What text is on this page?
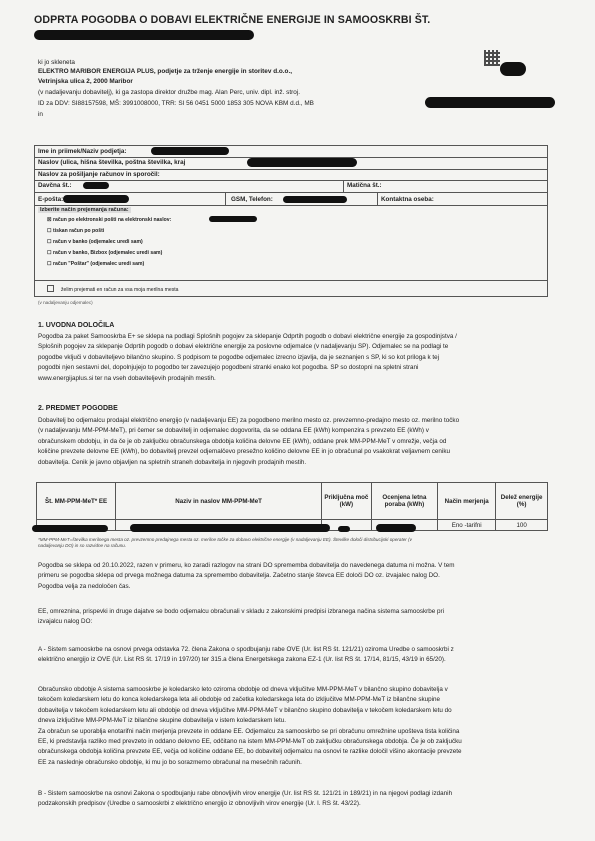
ODPRTA POGODBA O DOBAVI ELEKTRIČNE ENERGIJE IN SAMOOSKRBI ŠT.
ki jo skleneta
ELEKTRO MARIBOR ENERGIJA PLUS, podjetje za trženje energije in storitev d.o.o.,
Vetrinjska ulica 2, 2000 Maribor
(v nadaljevanju dobavitelj), ki ga zastopa direktor družbe mag. Alan Perc, univ. dipl. inž. stroj.
ID za DDV: SI88157598, MŠ: 3991008000, TRR: SI 56 0451 5000 1853 305 NOVA KBM d.d., MB
in
Ime in priimek/Naziv podjetja:
Naslov (ulica, hišna številka, poštna številka, kraj
Naslov za pošiljanje računov in sporočil:
Davčna št.:	Matična št.:
E-pošta:	GSM, Telefon:	Kontaktna oseba:
Izberite način prejemanja računa:
☒ račun po elektronski pošti na elektronski naslov:
☐ tiskan račun po pošti
☐ račun v banko (odjemalec uredi sam)
☐ račun v banko, Bizbox (odjemalec uredi sam)
☐ račun "Poštar" (odjemalec uredi sam)
želim prejemati en račun za vsa moja merilna mesta
(v nadaljevanju odjemalec)
1. UVODNA DOLOČILA
Pogodba za paket Samooskrba E+ se sklepa na podlagi Splošnih pogojev za sklepanje Odprtih pogodb o dobavi električne energije za gospodinjstva /
Splošnih pogojev za sklepanje Odprtih pogodb o dobavi električne energije za poslovne odjemalce (v nadaljevanju SP). Odjemalec se na podlagi te
pogodbe vključi v dobaviteljevo bilančno skupino. S podpisom te pogodbe odjemalec izrecno izjavlja, da je seznanjen s SP, ki so kot priloga k tej
pogodbi njen sestavni del, dopolnjujejo to pogodbo ter zavezujejo pogodbeni stranki enako kot pogodba. SP so dostopni na spletni strani
www.energijaplus.si ter na vseh dobaviteljevih prodajnih mestih.
2. PREDMET POGODBE
Dobavitelj bo odjemalcu prodajal električno energijo (v nadaljevanju EE) za pogodbeno merilno mesto oz. prevzemno-predajno mesto oz. merilno točko
(v nadaljevanju MM-PPM-MeT), pri čemer se dobavitelj in odjemalec dogovorita, da se oddana EE (kWh) kompenzira s prevzeto EE (kWh) v
obračunskem obdobju, in da če je ob zaključku obračunskega obdobja količina delovne EE (kWh), oddane prek MM-PPM-MeT v omrežje, večja od
količine prevzete delovne EE (kWh), bo dobavitelj prevzel odjemalčevo presežno količino delovne EE in jo obračunal po vsakokrat veljavnem ceniku
dobavitelja. Cenik je javno objavljen na spletnih straneh dobavitelja in njegovih prodajnih mestih.
Št. MM-PPM-MeT* EE	Naziv in naslov MM-PPM-MeT	Priključna moč (kW)	Ocenjena letna poraba (kWh)	Način merjenja	Delež energije (%)
				Eno -tarifni	100
*MM-PPM-MeT=številka merilnega mesta oz. prevzemno predajnega mesta oz. merilne točke za dobavo električne energije (v nadaljevanju EE). Številke določi distribucijski operater (v
nadaljevanju DO) in so razvidne na računu.
Pogodba se sklepa od 20.10.2022, razen v primeru, ko zaradi razlogov na strani DO sprememba dobavitelja do navedenega datuma ni možna. V tem
primeru se pogodba sklepa od prvega možnega datuma za spremembo dobavitelja. Začetno stanje števca EE določi DO oz. izvajalec nalog DO.
Pogodba velja za nedoločen čas.
EE, omreznina, prispevki in druge dajatve se bodo odjemalcu obračunali v skladu z zakonskimi predpisi izbranega načina sistema samooskrbe pri
izvajalcu nalog DO:
A - Sistem samooskrbe na osnovi prvega odstavka 72. člena Zakona o spodbujanju rabe OVE (Ur. list RS št. 121/21) oziroma Uredbe o samooskrbi z
električno energijo iz OVE (Ur. List RS št. 17/19 in 197/20) ter 315.a člena Energetskega zakona EZ-1 (Ur. list RS št. 17/14, 81/15, 43/19 in 65/20).
Obračunsko obdobje A sistema samooskrbe je koledarsko leto oziroma obdobje od dneva vključitve MM-PPM-MeT v bilančno skupino dobavitelja v
tekočem koledarskem letu do konca koledarskega leta ali obdobje od začetka koledarskega leta do izključitve MM-PPM-MeT iz bilančne skupine
dobavitelja v tekočem koledarskem letu ali obdobje od dneva vključitve MM-PPM-MeT v bilančno skupino dobavitelja v tekočem koledarskem letu do
dneva izključitve MM-PPM-MeT iz bilančne skupine dobavitelja v istem koledarskem letu.
Za obračun se uporablja enotarifni način merjenja prevzete in oddane EE. Odjemalcu za samooskrbo se pri obračunu omrežnine upošteva tista količina
EE, ki predstavlja razliko med prevzeto in oddano delovno EE, odčitano na istem MM-PPM-MeT ob zaključku obračunskega obdobja. Če je ob zaključku
obračunskega obdobja količina prevzete EE, večja od količine oddane EE, bo dobavitelj odjemalcu na osnovi te razlike določil višino akontacije prevzete
EE za naslednje obračunsko obdobje, ki mu jo bo sorazmerno obračunal na mesečnih računih.
B - Sistem samooskrbe na osnovi Zakona o spodbujanju rabe obnovljivih virov energije (Ur. list RS št. 121/21 in 189/21) in na njegovi podlagi izdanih
podzakonskih predpisov (Uredbe o samooskrbi z električno energijo iz obnovljivih virov energije (Ur. l. RS št. 43/22).
